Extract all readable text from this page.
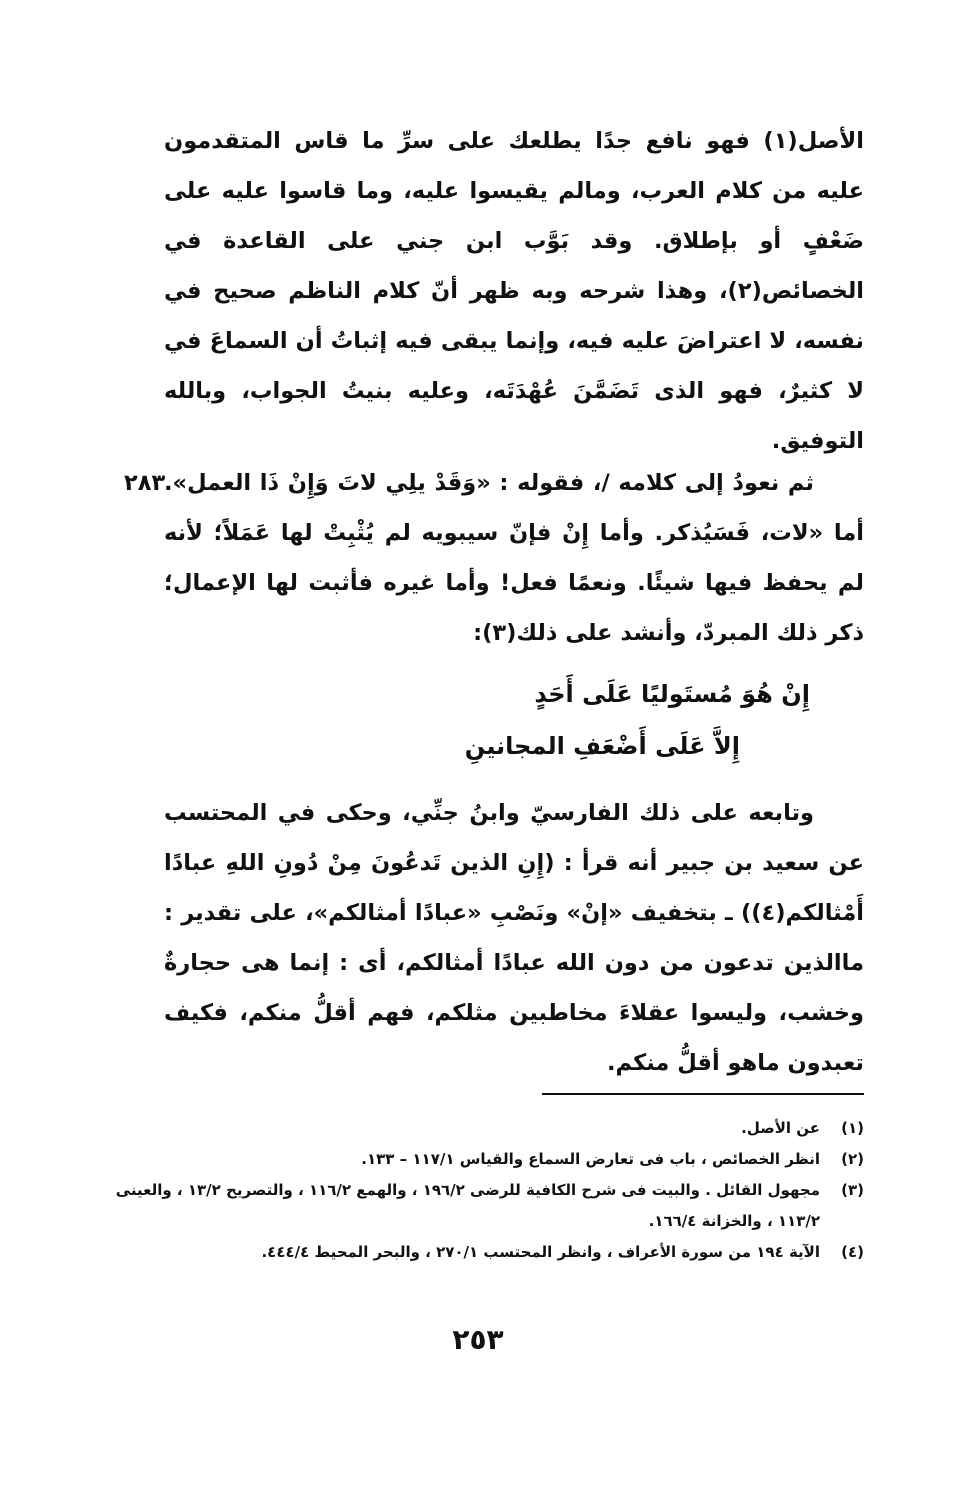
الأصل(١) فهو نافع جدًا يطلعك على سرِّ ما قاس المتقدمون عليه من كلام العرب، ومالم يقيسوا عليه، وما قاسوا عليه على ضَعْفٍ أو بإطلاق. وقد بَوَّب ابن جني على القاعدة في الخصائص(٢)، وهذا شرحه وبه ظهر أنّ كلام الناظم صحيح في نفسه، لا اعتراضَ عليه فيه، وإنما يبقى فيه إثباتُ أن السماعَ في لا كثيرٌ، فهو الذى تَضَمَّنَ عُهْدَتَه، وعليه بنيتُ الجواب، وبالله التوفيق.

٢٨٣

ثم نعودُ إلى كلامه /، فقوله : «وَقَدْ يلِي لاتَ وَإِنْ ذَا العمل». أما «لات، فَسَيُذكر. وأما إِنْ فإنّ سيبويه لم يُثْبِتْ لها عَمَلاً؛ لأنه لم يحفظ فيها شيئًا. ونعمًا فعل! وأما غيره فأثبت لها الإعمال؛ ذكر ذلك المبردّ، وأنشد على ذلك(٣):

إِنْ هُوَ مُستَوليًا عَلَى أَحَدٍ
إِلاَّ عَلَى أَضْعَفِ المجانينِ

وتابعه على ذلك الفارسيّ وابنُ جنِّي، وحكى في المحتسب عن سعيد بن جبير أنه قرأ : (إِنِ الذين تَدعُونَ مِنْ دُونِ اللهِ عبادًا أَمْثالكم(٤)) ـ بتخفيف «إنْ» ونَصْبِ «عبادًا أمثالكم»، على تقدير : ماالذين تدعون من دون الله عبادًا أمثالكم، أى : إنما هى حجارةٌ وخشب، وليسوا عقلاءَ مخاطبين مثلكم، فهم أقلُّ منكم، فكيف تعبدون ماهو أقلُّ منكم.

(١)
عن الأصل.
(٢)
انظر الخصائص ، باب فى تعارض السماع والقياس ١١٧/١ – ١٣٣.
(٣)
مجهول القائل . والبيت فى شرح الكافية للرضى ١٩٦/٢ ، والهمع ١١٦/٢ ، والتصريح ١٣/٢ ، والعينى ١١٣/٢ ، والخزانة ١٦٦/٤.
(٤)
الآية ١٩٤ من سورة الأعراف ، وانظر المحتسب ٢٧٠/١ ، والبحر المحيط ٤٤٤/٤.
٢٥٣
